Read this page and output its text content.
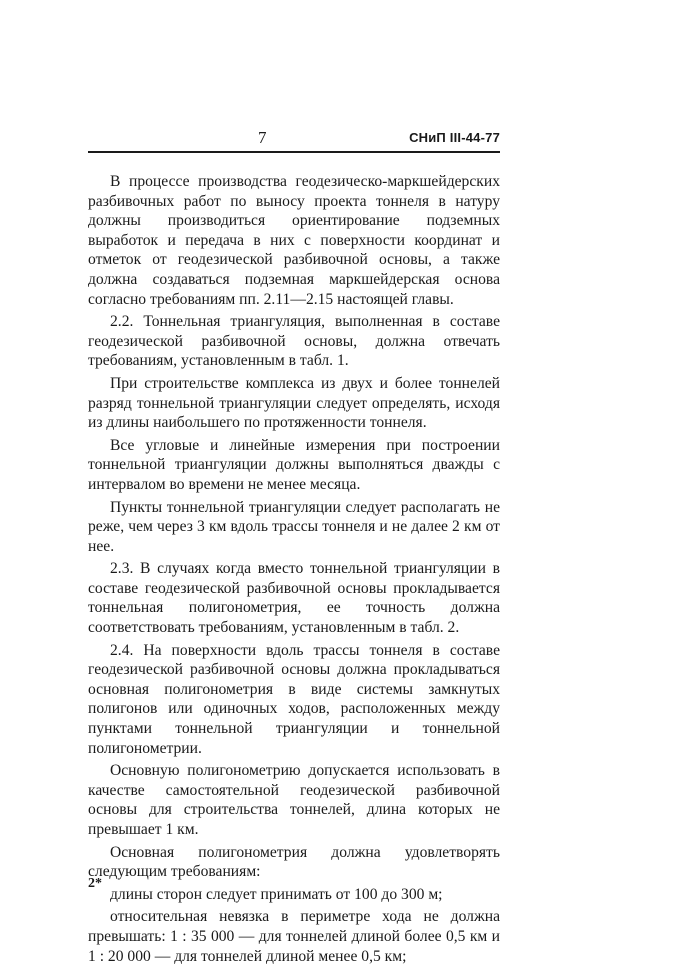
7	СНиП III-44-77

В процессе производства геодезическо-маркшейдерских разбивочных работ по выносу проекта тоннеля в натуру должны производиться ориентирование подземных выработок и передача в них с поверхности координат и отметок от геодезической разбивочной основы, а также должна создаваться подземная маркшейдерская основа согласно требованиям пп. 2.11—2.15 настоящей главы.

2.2. Тоннельная триангуляция, выполненная в составе геодезической разбивочной основы, должна отвечать требованиям, установленным в табл. 1.

При строительстве комплекса из двух и более тоннелей разряд тоннельной триангуляции следует определять, исходя из длины наибольшего по протяженности тоннеля.

Все угловые и линейные измерения при построении тоннельной триангуляции должны выполняться дважды с интервалом во времени не менее месяца.

Пункты тоннельной триангуляции следует располагать не реже, чем через 3 км вдоль трассы тоннеля и не далее 2 км от нее.

2.3. В случаях когда вместо тоннельной триангуляции в составе геодезической разбивочной основы прокладывается тоннельная полигонометрия, ее точность должна соответствовать требованиям, установленным в табл. 2.

2.4. На поверхности вдоль трассы тоннеля в составе геодезической разбивочной основы должна прокладываться основная полигонометрия в виде системы замкнутых полигонов или одиночных ходов, расположенных между пунктами тоннельной триангуляции и тоннельной полигонометрии.

Основную полигонометрию допускается использовать в качестве самостоятельной геодезической разбивочной основы для строительства тоннелей, длина которых не превышает 1 км.

Основная полигонометрия должна удовлетворять следующим требованиям:

длины сторон следует принимать от 100 до 300 м;

относительная невязка в периметре хода не должна превышать: 1 : 35 000 — для тоннелей длиной более 0,5 км и 1 : 20 000 — для тоннелей длиной менее 0,5 км;

2*
